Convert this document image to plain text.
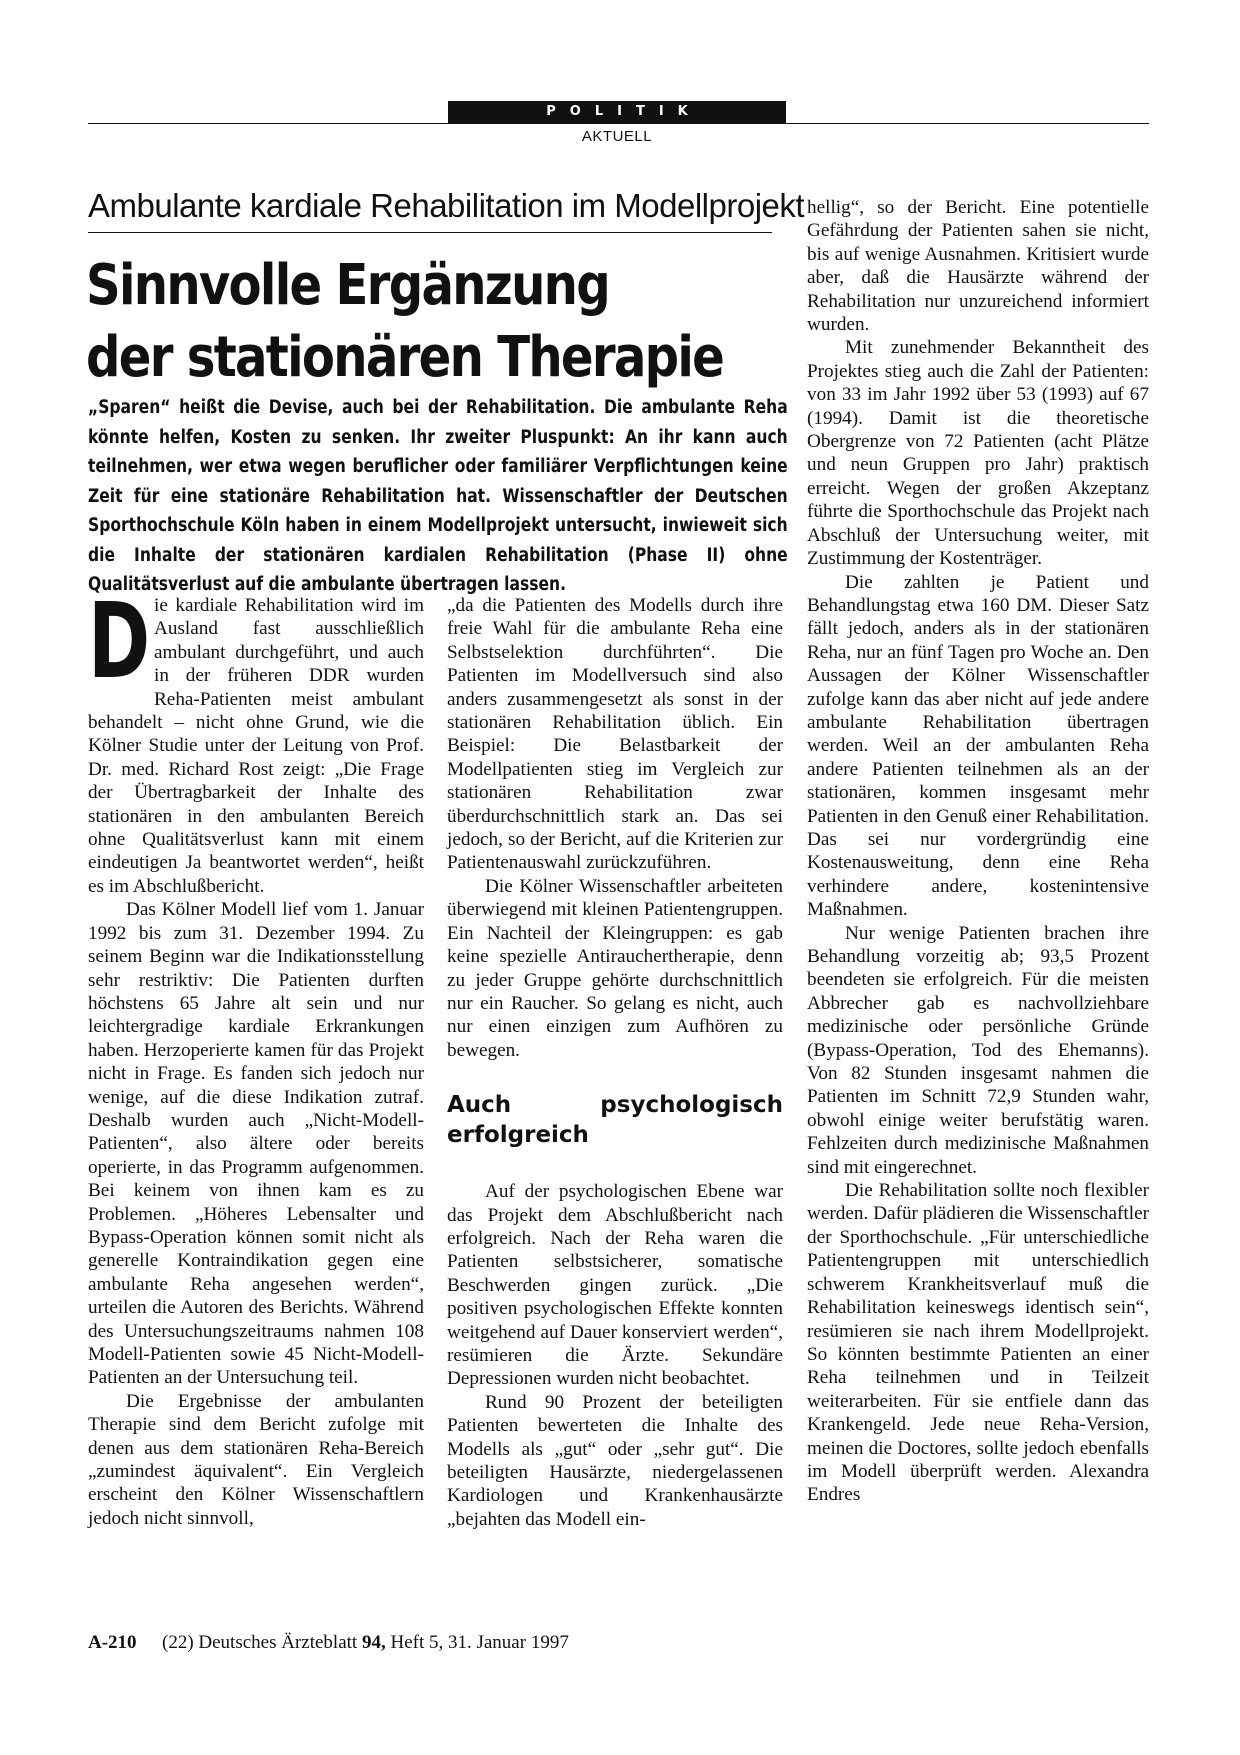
POLITIK
AKTUELL
Ambulante kardiale Rehabilitation im Modellprojekt
Sinnvolle Ergänzung
der stationären Therapie

„Sparen“ heißt die Devise, auch bei der Rehabilitation. Die ambulante Reha könnte helfen, Kosten zu senken. Ihr zweiter Pluspunkt: An ihr kann auch teilnehmen, wer etwa wegen beruflicher oder familiärer Verpflichtungen keine Zeit für eine stationäre Rehabilitation hat. Wissenschaftler der Deutschen Sporthochschule Köln haben in einem Modellprojekt untersucht, inwieweit sich die Inhalte der stationären kardialen Rehabilitation (Phase II) ohne Qualitätsverlust auf die ambulante übertragen lassen.

Die kardiale Rehabilitation wird im Ausland fast ausschließlich ambulant durchgeführt, und auch in der früheren DDR wurden Reha-Patienten meist ambulant behandelt – nicht ohne Grund, wie die Kölner Studie unter der Leitung von Prof. Dr. med. Richard Rost zeigt: „Die Frage der Übertragbarkeit der Inhalte des stationären in den ambulanten Bereich ohne Qualitätsverlust kann mit einem eindeutigen Ja beantwortet werden“, heißt es im Abschlußbericht.

Das Kölner Modell lief vom 1. Januar 1992 bis zum 31. Dezember 1994. Zu seinem Beginn war die Indikationsstellung sehr restriktiv: Die Patienten durften höchstens 65 Jahre alt sein und nur leichtergradige kardiale Erkrankungen haben. Herzoperierte kamen für das Projekt nicht in Frage. Es fanden sich jedoch nur wenige, auf die diese Indikation zutraf. Deshalb wurden auch „Nicht-Modell-Patienten“, also ältere oder bereits operierte, in das Programm aufgenommen. Bei keinem von ihnen kam es zu Problemen. „Höheres Lebensalter und Bypass-Operation können somit nicht als generelle Kontraindikation gegen eine ambulante Reha angesehen werden“, urteilen die Autoren des Berichts. Während des Untersuchungszeitraums nahmen 108 Modell-Patienten sowie 45 Nicht-Modell-Patienten an der Untersuchung teil.

Die Ergebnisse der ambulanten Therapie sind dem Bericht zufolge mit denen aus dem stationären Reha-Bereich „zumindest äquivalent“. Ein Vergleich erscheint den Kölner Wissenschaftlern jedoch nicht sinnvoll,

„da die Patienten des Modells durch ihre freie Wahl für die ambulante Reha eine Selbstselektion durchführten“. Die Patienten im Modellversuch sind also anders zusammengesetzt als sonst in der stationären Rehabilitation üblich. Ein Beispiel: Die Belastbarkeit der Modellpatienten stieg im Vergleich zur stationären Rehabilitation zwar überdurchschnittlich stark an. Das sei jedoch, so der Bericht, auf die Kriterien zur Patientenauswahl zurückzuführen.

Die Kölner Wissenschaftler arbeiteten überwiegend mit kleinen Patientengruppen. Ein Nachteil der Kleingruppen: es gab keine spezielle Antirauchertherapie, denn zu jeder Gruppe gehörte durchschnittlich nur ein Raucher. So gelang es nicht, auch nur einen einzigen zum Aufhören zu bewegen.

Auch psychologisch erfolgreich

Auf der psychologischen Ebene war das Projekt dem Abschlußbericht nach erfolgreich. Nach der Reha waren die Patienten selbstsicherer, somatische Beschwerden gingen zurück. „Die positiven psychologischen Effekte konnten weitgehend auf Dauer konserviert werden“, resümieren die Ärzte. Sekundäre Depressionen wurden nicht beobachtet.

Rund 90 Prozent der beteiligten Patienten bewerteten die Inhalte des Modells als „gut“ oder „sehr gut“. Die beteiligten Hausärzte, niedergelassenen Kardiologen und Krankenhausärzte „bejahten das Modell ein-

hellig“, so der Bericht. Eine potentielle Gefährdung der Patienten sahen sie nicht, bis auf wenige Ausnahmen. Kritisiert wurde aber, daß die Hausärzte während der Rehabilitation nur unzureichend informiert wurden.

Mit zunehmender Bekanntheit des Projektes stieg auch die Zahl der Patienten: von 33 im Jahr 1992 über 53 (1993) auf 67 (1994). Damit ist die theoretische Obergrenze von 72 Patienten (acht Plätze und neun Gruppen pro Jahr) praktisch erreicht. Wegen der großen Akzeptanz führte die Sporthochschule das Projekt nach Abschluß der Untersuchung weiter, mit Zustimmung der Kostenträger.

Die zahlten je Patient und Behandlungstag etwa 160 DM. Dieser Satz fällt jedoch, anders als in der stationären Reha, nur an fünf Tagen pro Woche an. Den Aussagen der Kölner Wissenschaftler zufolge kann das aber nicht auf jede andere ambulante Rehabilitation übertragen werden. Weil an der ambulanten Reha andere Patienten teilnehmen als an der stationären, kommen insgesamt mehr Patienten in den Genuß einer Rehabilitation. Das sei nur vordergründig eine Kostenausweitung, denn eine Reha verhindere andere, kostenintensive Maßnahmen.

Nur wenige Patienten brachen ihre Behandlung vorzeitig ab; 93,5 Prozent beendeten sie erfolgreich. Für die meisten Abbrecher gab es nachvollziehbare medizinische oder persönliche Gründe (Bypass-Operation, Tod des Ehemanns). Von 82 Stunden insgesamt nahmen die Patienten im Schnitt 72,9 Stunden wahr, obwohl einige weiter berufstätig waren. Fehlzeiten durch medizinische Maßnahmen sind mit eingerechnet.

Die Rehabilitation sollte noch flexibler werden. Dafür plädieren die Wissenschaftler der Sporthochschule. „Für unterschiedliche Patientengruppen mit unterschiedlich schwerem Krankheitsverlauf muß die Rehabilitation keineswegs identisch sein“, resümieren sie nach ihrem Modellprojekt. So könnten bestimmte Patienten an einer Reha teilnehmen und in Teilzeit weiterarbeiten. Für sie entfiele dann das Krankengeld. Jede neue Reha-Version, meinen die Doctores, sollte jedoch ebenfalls im Modell überprüft werden. Alexandra Endres

A-210 (22) Deutsches Ärzteblatt 94, Heft 5, 31. Januar 1997
